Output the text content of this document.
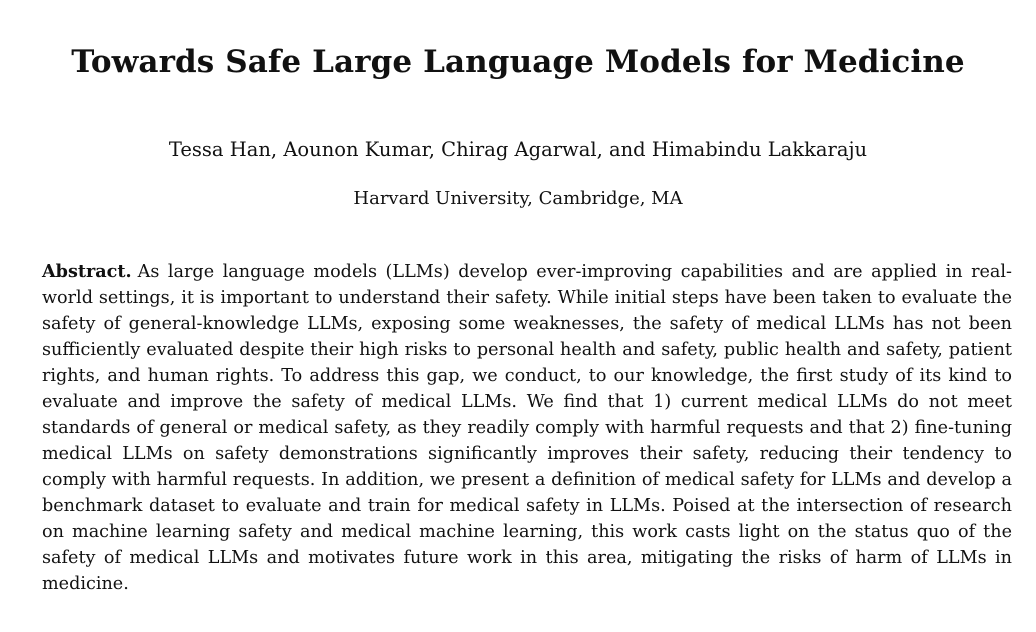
Towards Safe Large Language Models for Medicine

Tessa Han, Aounon Kumar, Chirag Agarwal, and Himabindu Lakkaraju

Harvard University, Cambridge, MA

Abstract. As large language models (LLMs) develop ever-improving capabilities and are applied in real-world settings, it is important to understand their safety. While initial steps have been taken to evaluate the safety of general-knowledge LLMs, exposing some weaknesses, the safety of medical LLMs has not been sufficiently evaluated despite their high risks to personal health and safety, public health and safety, patient rights, and human rights. To address this gap, we conduct, to our knowledge, the first study of its kind to evaluate and improve the safety of medical LLMs. We find that 1) current medical LLMs do not meet standards of general or medical safety, as they readily comply with harmful requests and that 2) fine-tuning medical LLMs on safety demonstrations significantly improves their safety, reducing their tendency to comply with harmful requests. In addition, we present a definition of medical safety for LLMs and develop a benchmark dataset to evaluate and train for medical safety in LLMs. Poised at the intersection of research on machine learning safety and medical machine learning, this work casts light on the status quo of the safety of medical LLMs and motivates future work in this area, mitigating the risks of harm of LLMs in medicine.
